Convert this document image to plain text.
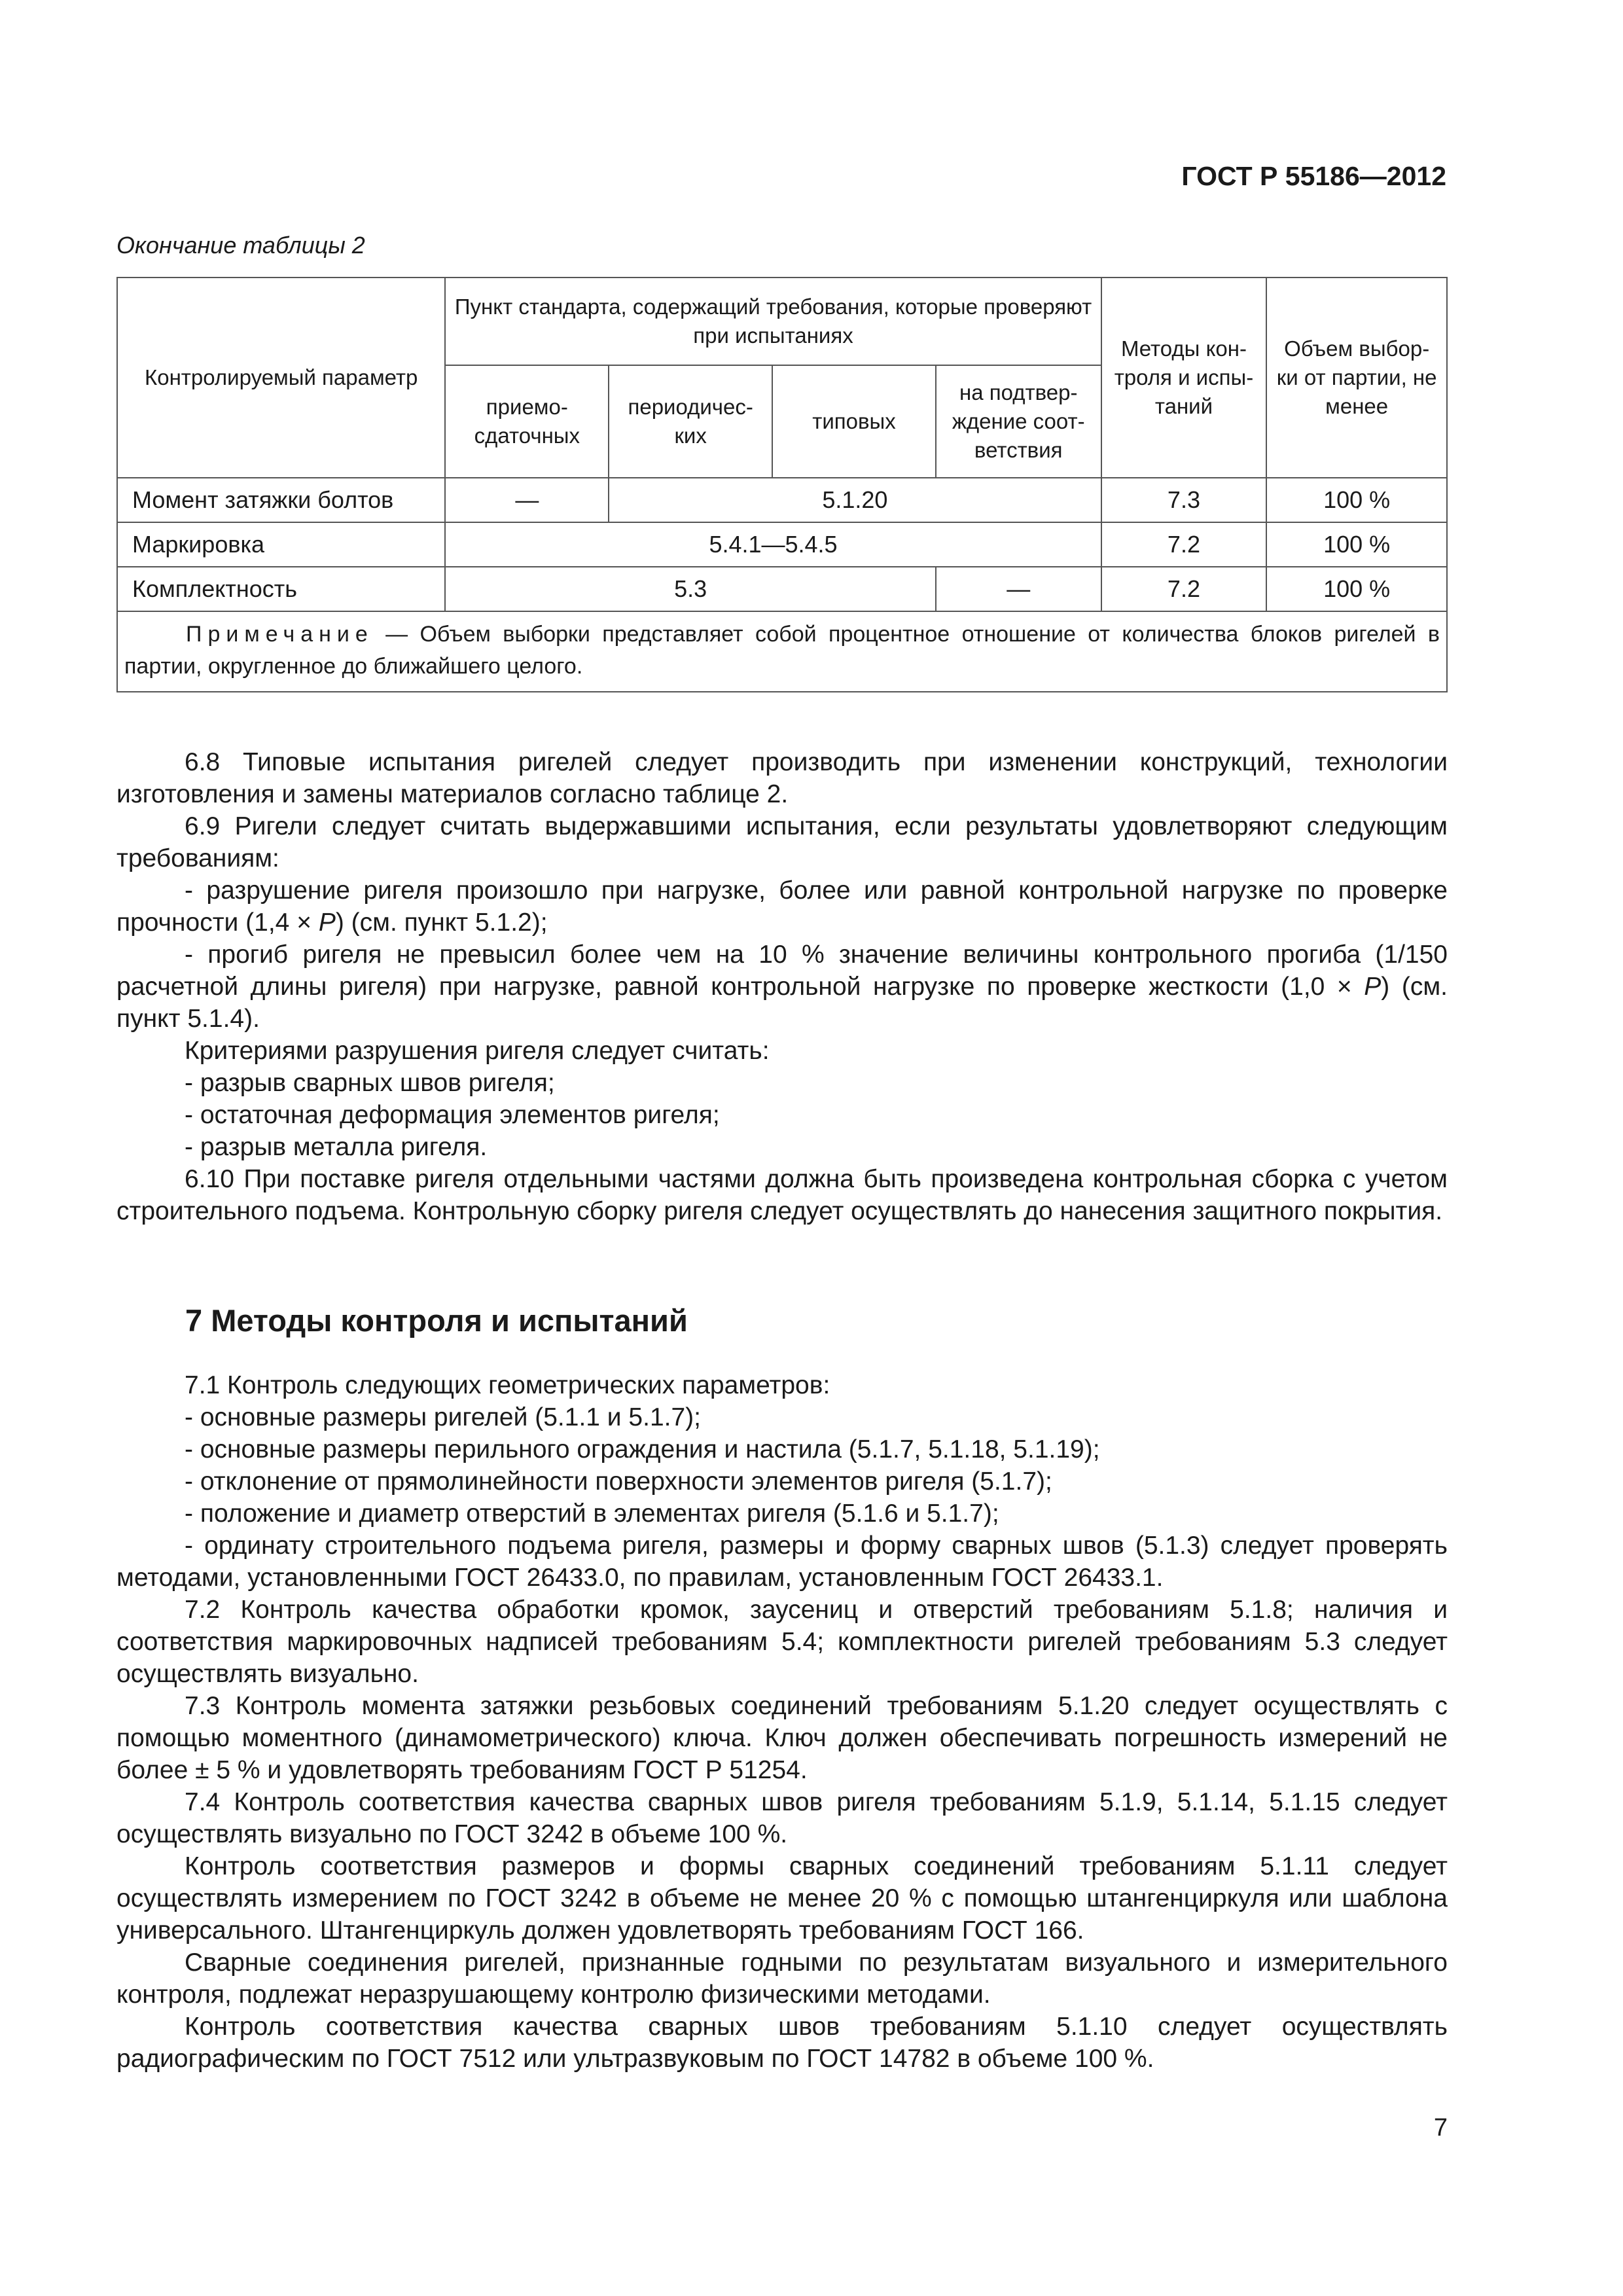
ГОСТ Р 55186—2012
Окончание таблицы 2
Контролируемый параметр	Пункт стандарта, содержащий требования, которые проверяют при испытаниях				Методы кон-троля и испы-таний	Объем выбор-ки от партии, не менее
	приемо-сдаточных	периодичес-ких	типовых	на подтвер-ждение соот-ветствия		
Момент затяжки болтов	—	5.1.20			7.3	100 %
Маркировка	5.4.1—5.4.5				7.2	100 %
Комплектность	5.3			—	7.2	100 %
Примечание — Объем выборки представляет собой процентное отношение от количества блоков ригелей в партии, округленное до ближайшего целого.						

6.8 Типовые испытания ригелей следует производить при изменении конструкций, технологии изготовления и замены материалов согласно таблице 2.

6.9 Ригели следует считать выдержавшими испытания, если результаты удовлетворяют следующим требованиям:

- разрушение ригеля произошло при нагрузке, более или равной контрольной нагрузке по проверке прочности (1,4 × P) (см. пункт 5.1.2);

- прогиб ригеля не превысил более чем на 10 % значение величины контрольного прогиба (1/150 расчетной длины ригеля) при нагрузке, равной контрольной нагрузке по проверке жесткости (1,0 × P) (см. пункт 5.1.4).

Критериями разрушения ригеля следует считать:

- разрыв сварных швов ригеля;

- остаточная деформация элементов ригеля;

- разрыв металла ригеля.

6.10 При поставке ригеля отдельными частями должна быть произведена контрольная сборка с учетом строительного подъема. Контрольную сборку ригеля следует осуществлять до нанесения защитного покрытия.

7 Методы контроля и испытаний

7.1 Контроль следующих геометрических параметров:

- основные размеры ригелей (5.1.1 и 5.1.7);

- основные размеры перильного ограждения и настила (5.1.7, 5.1.18, 5.1.19);

- отклонение от прямолинейности поверхности элементов ригеля (5.1.7);

- положение и диаметр отверстий в элементах ригеля (5.1.6 и 5.1.7);

- ординату строительного подъема ригеля, размеры и форму сварных швов (5.1.3) следует проверять методами, установленными ГОСТ 26433.0, по правилам, установленным ГОСТ 26433.1.

7.2 Контроль качества обработки кромок, заусениц и отверстий требованиям 5.1.8; наличия и соответствия маркировочных надписей требованиям 5.4; комплектности ригелей требованиям 5.3 следует осуществлять визуально.

7.3 Контроль момента затяжки резьбовых соединений требованиям 5.1.20 следует осуществлять с помощью моментного (динамометрического) ключа. Ключ должен обеспечивать погрешность измерений не более ± 5 % и удовлетворять требованиям ГОСТ Р 51254.

7.4 Контроль соответствия качества сварных швов ригеля требованиям 5.1.9, 5.1.14, 5.1.15 следует осуществлять визуально по ГОСТ 3242 в объеме 100 %.

Контроль соответствия размеров и формы сварных соединений требованиям 5.1.11 следует осуществлять измерением по ГОСТ 3242 в объеме не менее 20 % с помощью штангенциркуля или шаблона универсального. Штангенциркуль должен удовлетворять требованиям ГОСТ 166.

Сварные соединения ригелей, признанные годными по результатам визуального и измерительного контроля, подлежат неразрушающему контролю физическими методами.

Контроль соответствия качества сварных швов требованиям 5.1.10 следует осуществлять радиографическим по ГОСТ 7512 или ультразвуковым по ГОСТ 14782 в объеме 100 %.

7
